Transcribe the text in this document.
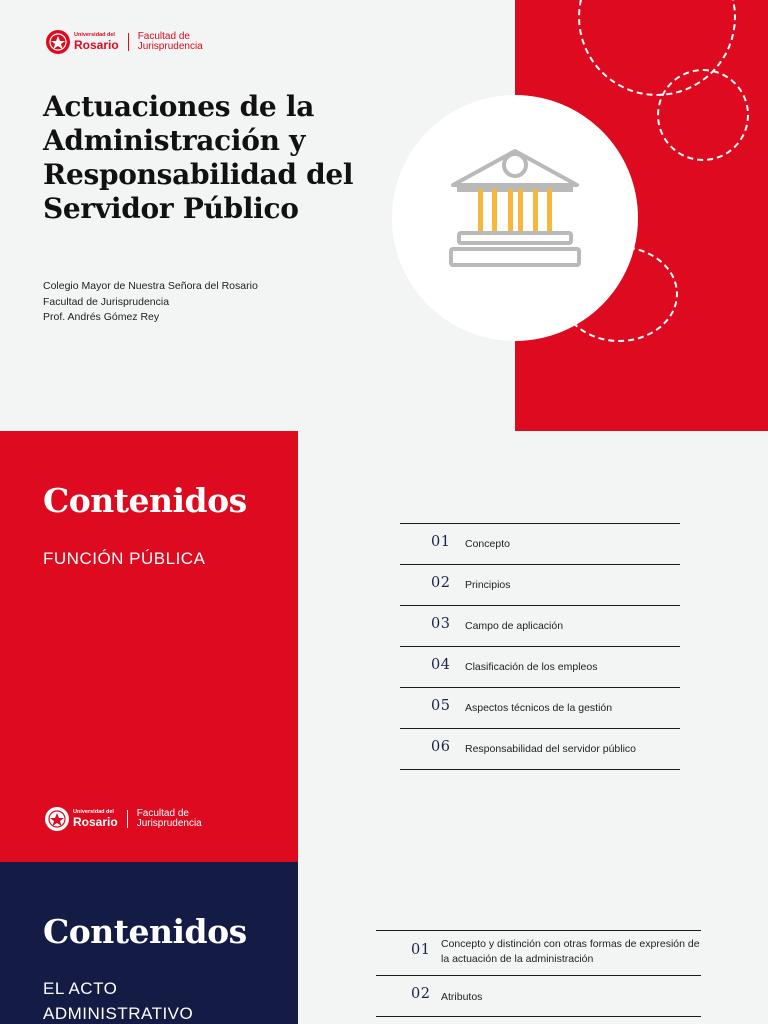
Universidad del
Rosario
Facultad de
Jurisprudencia
Actuaciones de la Administración y Responsabilidad del Servidor Público
Colegio Mayor de Nuestra Señora del Rosario
Facultad de Jurisprudencia
Prof. Andrés Gómez Rey
Contenidos
FUNCIÓN PÚBLICA
Universidad del
Rosario
Facultad de
Jurisprudencia
01 Concepto
02 Principios
03 Campo de aplicación
04 Clasificación de los empleos
05 Aspectos técnicos de la gestión
06 Responsabilidad del servidor público
Contenidos
EL ACTO
ADMINISTRATIVO
01 Concepto y distinción con otras formas de expresión de la actuación de la administración
02 Atributos
